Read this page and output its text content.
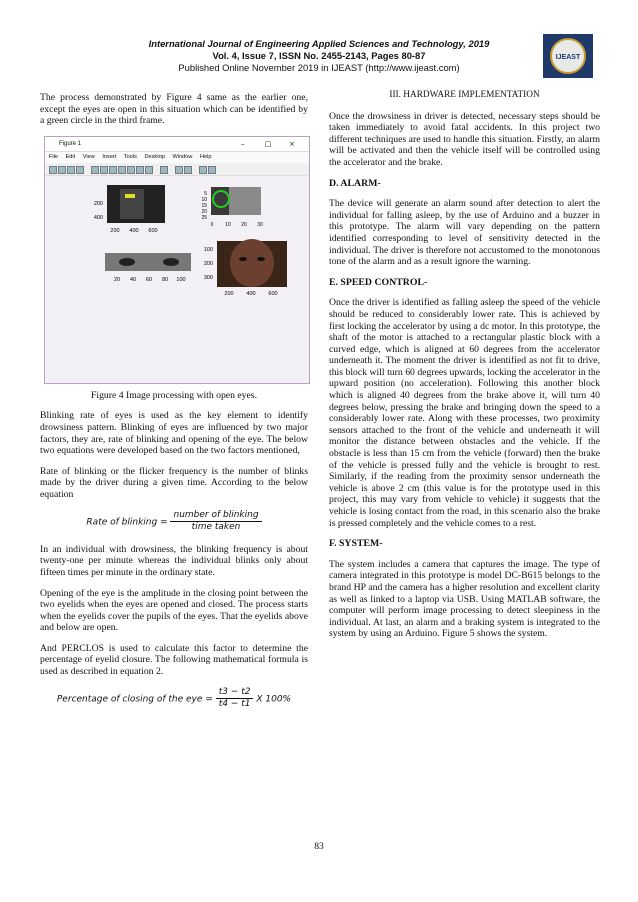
International Journal of Engineering Applied Sciences and Technology, 2019
Vol. 4, Issue 7, ISSN No. 2455-2143, Pages 80-87
Published Online November 2019 in IJEAST (http://www.ijeast.com)
IJEAST

The process demonstrated by Figure 4 same as the earlier one, except the eyes are open in this situation which can be identified by a green circle in the third frame.

Figure 1	–	□ ×
File Edit View Insert Tools Desktop Window Help
200
400
200 400 600
5
10
15
20
25
0 10 20 30
20 40 60 80 100
100
200
300
200 400 600

Figure 4 Image processing with open eyes.

Blinking rate of eyes is used as the key element to identify drowsiness pattern. Blinking of eyes are influenced by two major factors, they are, rate of blinking and opening of the eye. The below two equations were developed based on the two factors mentioned,

Rate of blinking or the flicker frequency is the number of blinks made by the driver during a given time. According to the below equation

Rate of blinking = $\frac{\text{number of blinking}}{\text{time taken}}$

In an individual with drowsiness, the blinking frequency is about twenty-one per minute whereas the individual blinks only about fifteen times per minute in the ordinary state.

Opening of the eye is the amplitude in the closing point between the two eyelids when the eyes are opened and closed. The process starts when the eyelids cover the pupils of the eyes. That the eyelids above and below are open.

And PERCLOS is used to calculate this factor to determine the percentage of eyelid closure. The following mathematical formula is used as described in equation 2.

Percentage of closing of the eye = $\frac{t3 - t2}{t4 - t1}$ X 100%

III. HARDWARE IMPLEMENTATION

Once the drowsiness in driver is detected, necessary steps should be taken immediately to avoid fatal accidents. In this project two different techniques are used to handle this situation. Firstly, an alarm will be activated and then the vehicle itself will be controlled using the accelerator and the brake.

D. ALARM-

The device will generate an alarm sound after detection to alert the individual for falling asleep, by the use of Arduino and a buzzer in this prototype. The alarm will vary depending on the pattern identified corresponding to level of sensitivity detected in the individual. The driver is therefore not accustomed to the monotonous tone of the alarm and as a result ignore the warning.

E. SPEED CONTROL-

Once the driver is identified as falling asleep the speed of the vehicle should be reduced to considerably lower rate. This is achieved by first locking the accelerator by using a dc motor. In this prototype, the shaft of the motor is attached to a rectangular plastic block with a curved edge, which is aligned at 60 degrees from the accelerator underneath it. The moment the driver is identified as not fit to drive, this block will turn 60 degrees upwards, locking the accelerator in the upward position (no acceleration). Following this another block which is aligned 40 degrees from the brake above it, will turn 40 degrees below, pressing the brake and bringing down the speed to a considerably lower rate. Along with these processes, two proximity sensors attached to the front of the vehicle and underneath it will monitor the distance between obstacles and the vehicle. If the obstacle is less than 15 cm from the vehicle (forward) then the brake of the vehicle is pressed fully and the vehicle is brought to rest. Similarly, if the reading from the proximity sensor underneath the vehicle is above 2 cm (this value is for the prototype used in this project, this may vary from vehicle to vehicle) it suggests that the vehicle is losing contact from the road, in this scenario also the brake is pressed completely and the vehicle comes to a rest.

F. SYSTEM-

The system includes a camera that captures the image. The type of camera integrated in this prototype is model DC-B615 belongs to the brand HP and the camera has a higher resolution and excellent clarity as well as linked to a laptop via USB. Using MATLAB software, the computer will perform image processing to detect sleepiness in the individual. At last, an alarm and a braking system is integrated to the system by using an Arduino. Figure 5 shows the system.

83
